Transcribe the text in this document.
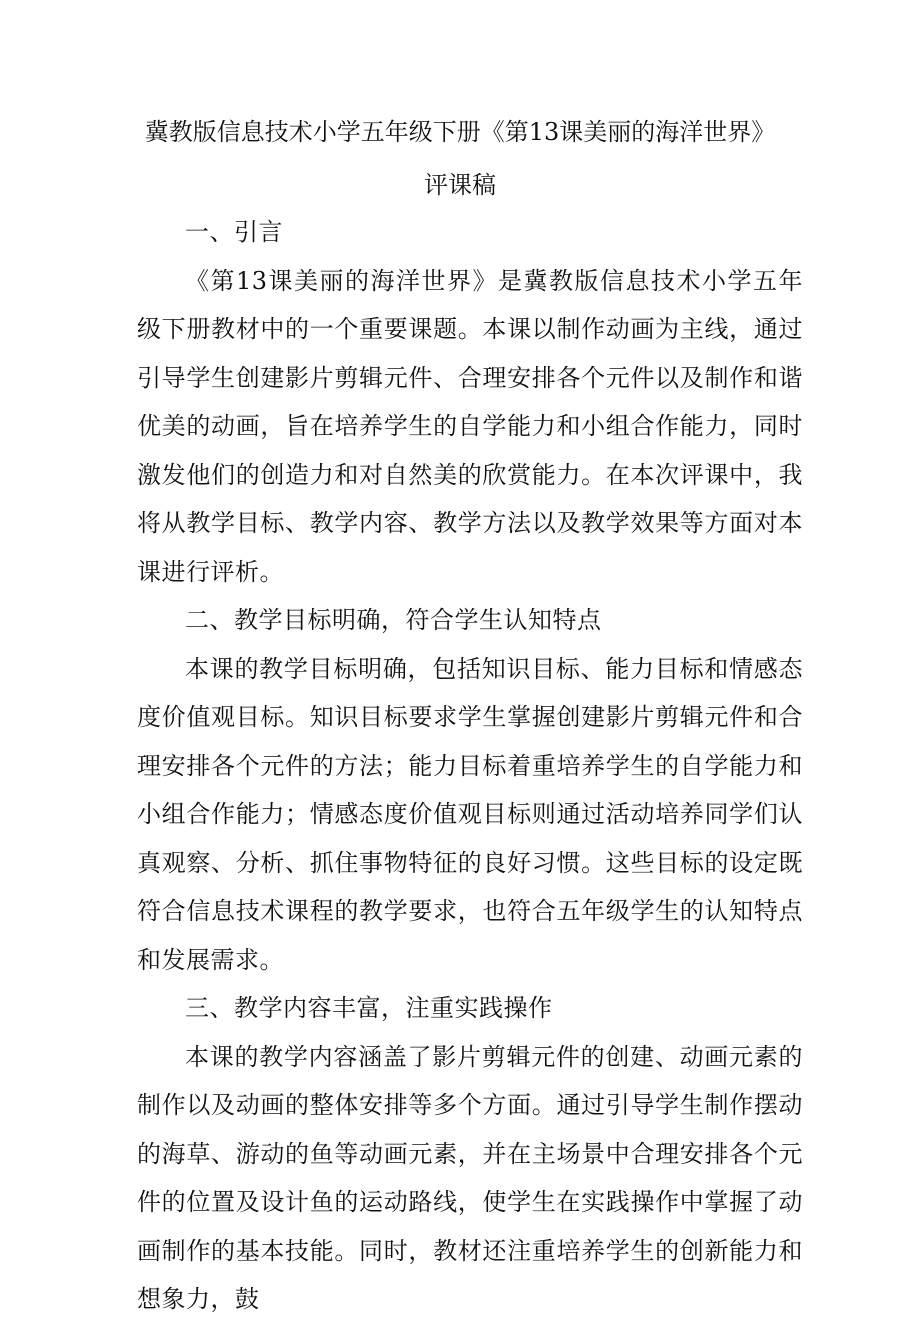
冀教版信息技术小学五年级下册《第13课美丽的海洋世界》
评课稿

一、引言

《第13课美丽的海洋世界》是冀教版信息技术小学五年级下册教材中的一个重要课题。本课以制作动画为主线，通过引导学生创建影片剪辑元件、合理安排各个元件以及制作和谐优美的动画，旨在培养学生的自学能力和小组合作能力，同时激发他们的创造力和对自然美的欣赏能力。在本次评课中，我将从教学目标、教学内容、教学方法以及教学效果等方面对本课进行评析。

二、教学目标明确，符合学生认知特点

本课的教学目标明确，包括知识目标、能力目标和情感态度价值观目标。知识目标要求学生掌握创建影片剪辑元件和合理安排各个元件的方法；能力目标着重培养学生的自学能力和小组合作能力；情感态度价值观目标则通过活动培养同学们认真观察、分析、抓住事物特征的良好习惯。这些目标的设定既符合信息技术课程的教学要求，也符合五年级学生的认知特点和发展需求。

三、教学内容丰富，注重实践操作

本课的教学内容涵盖了影片剪辑元件的创建、动画元素的制作以及动画的整体安排等多个方面。通过引导学生制作摆动的海草、游动的鱼等动画元素，并在主场景中合理安排各个元件的位置及设计鱼的运动路线，使学生在实践操作中掌握了动画制作的基本技能。同时，教材还注重培养学生的创新能力和想象力，鼓
